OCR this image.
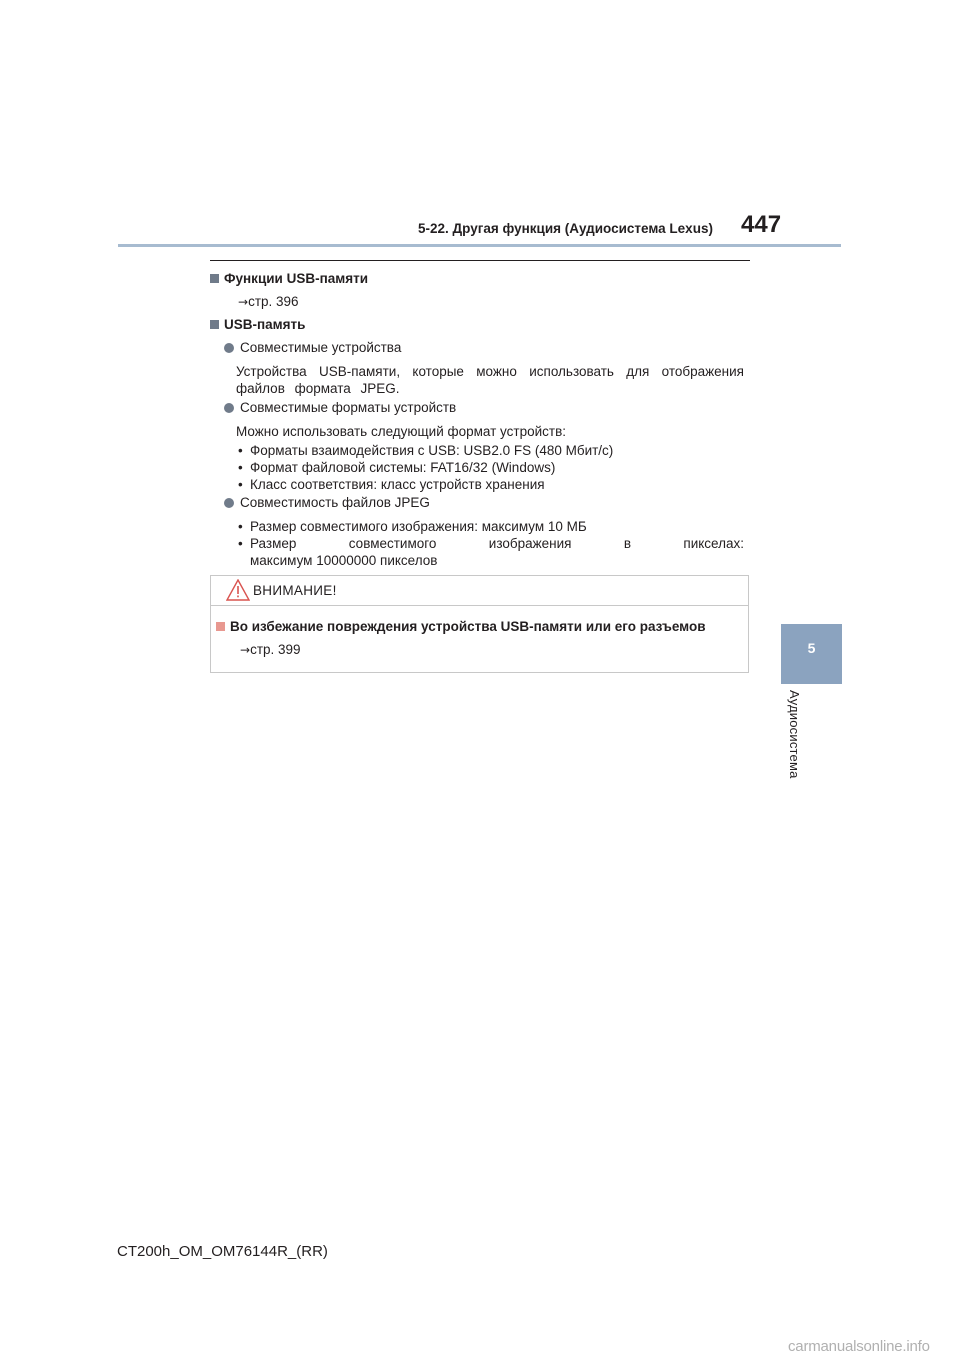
5-22. Другая функция (Аудиосистема Lexus) 447
5
Аудиосистема
Функции USB-памяти
→стр. 396
USB-память
Совместимые устройства
Устройства USB-памяти, которые можно использовать для отображения файлов формата JPEG.
Совместимые форматы устройств
Можно использовать следующий формат устройств:
• Форматы взаимодействия с USB: USB2.0 FS (480 Мбит/с)
• Формат файловой системы: FAT16/32 (Windows)
• Класс соответствия: класс устройств хранения
Совместимость файлов JPEG
• Размер совместимого изображения: максимум 10 МБ
• Размер	совместимого	изображения	в	пикселах:
максимум 10000000 пикселов
ВНИМАНИЕ!
Во избежание повреждения устройства USB-памяти или его разъемов
→стр. 399
CT200h_OM_OM76144R_(RR)
carmanualsonline.info
